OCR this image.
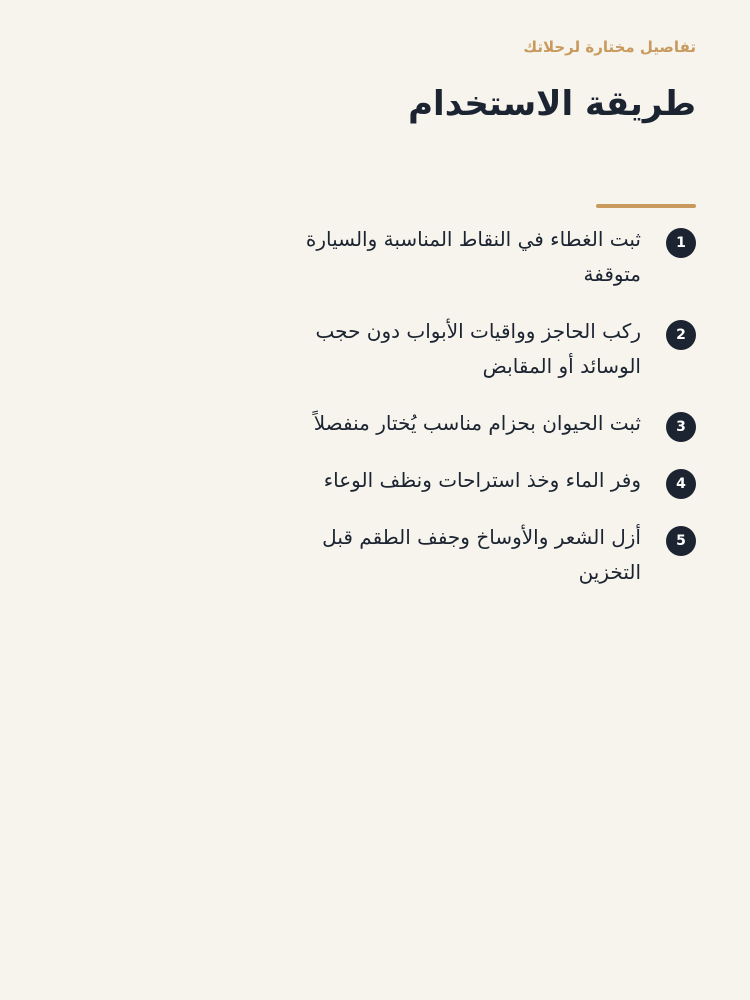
تفاصيل مختارة لرحلاتك

طريقة الاستخدام
1
ثبت الغطاء في النقاط المناسبة والسيارة متوقفة
2
ركب الحاجز وواقيات الأبواب دون حجب الوسائد أو المقابض
3
ثبت الحيوان بحزام مناسب يُختار منفصلاً
4
وفر الماء وخذ استراحات ونظف الوعاء
5
أزل الشعر والأوساخ وجفف الطقم قبل التخزين
